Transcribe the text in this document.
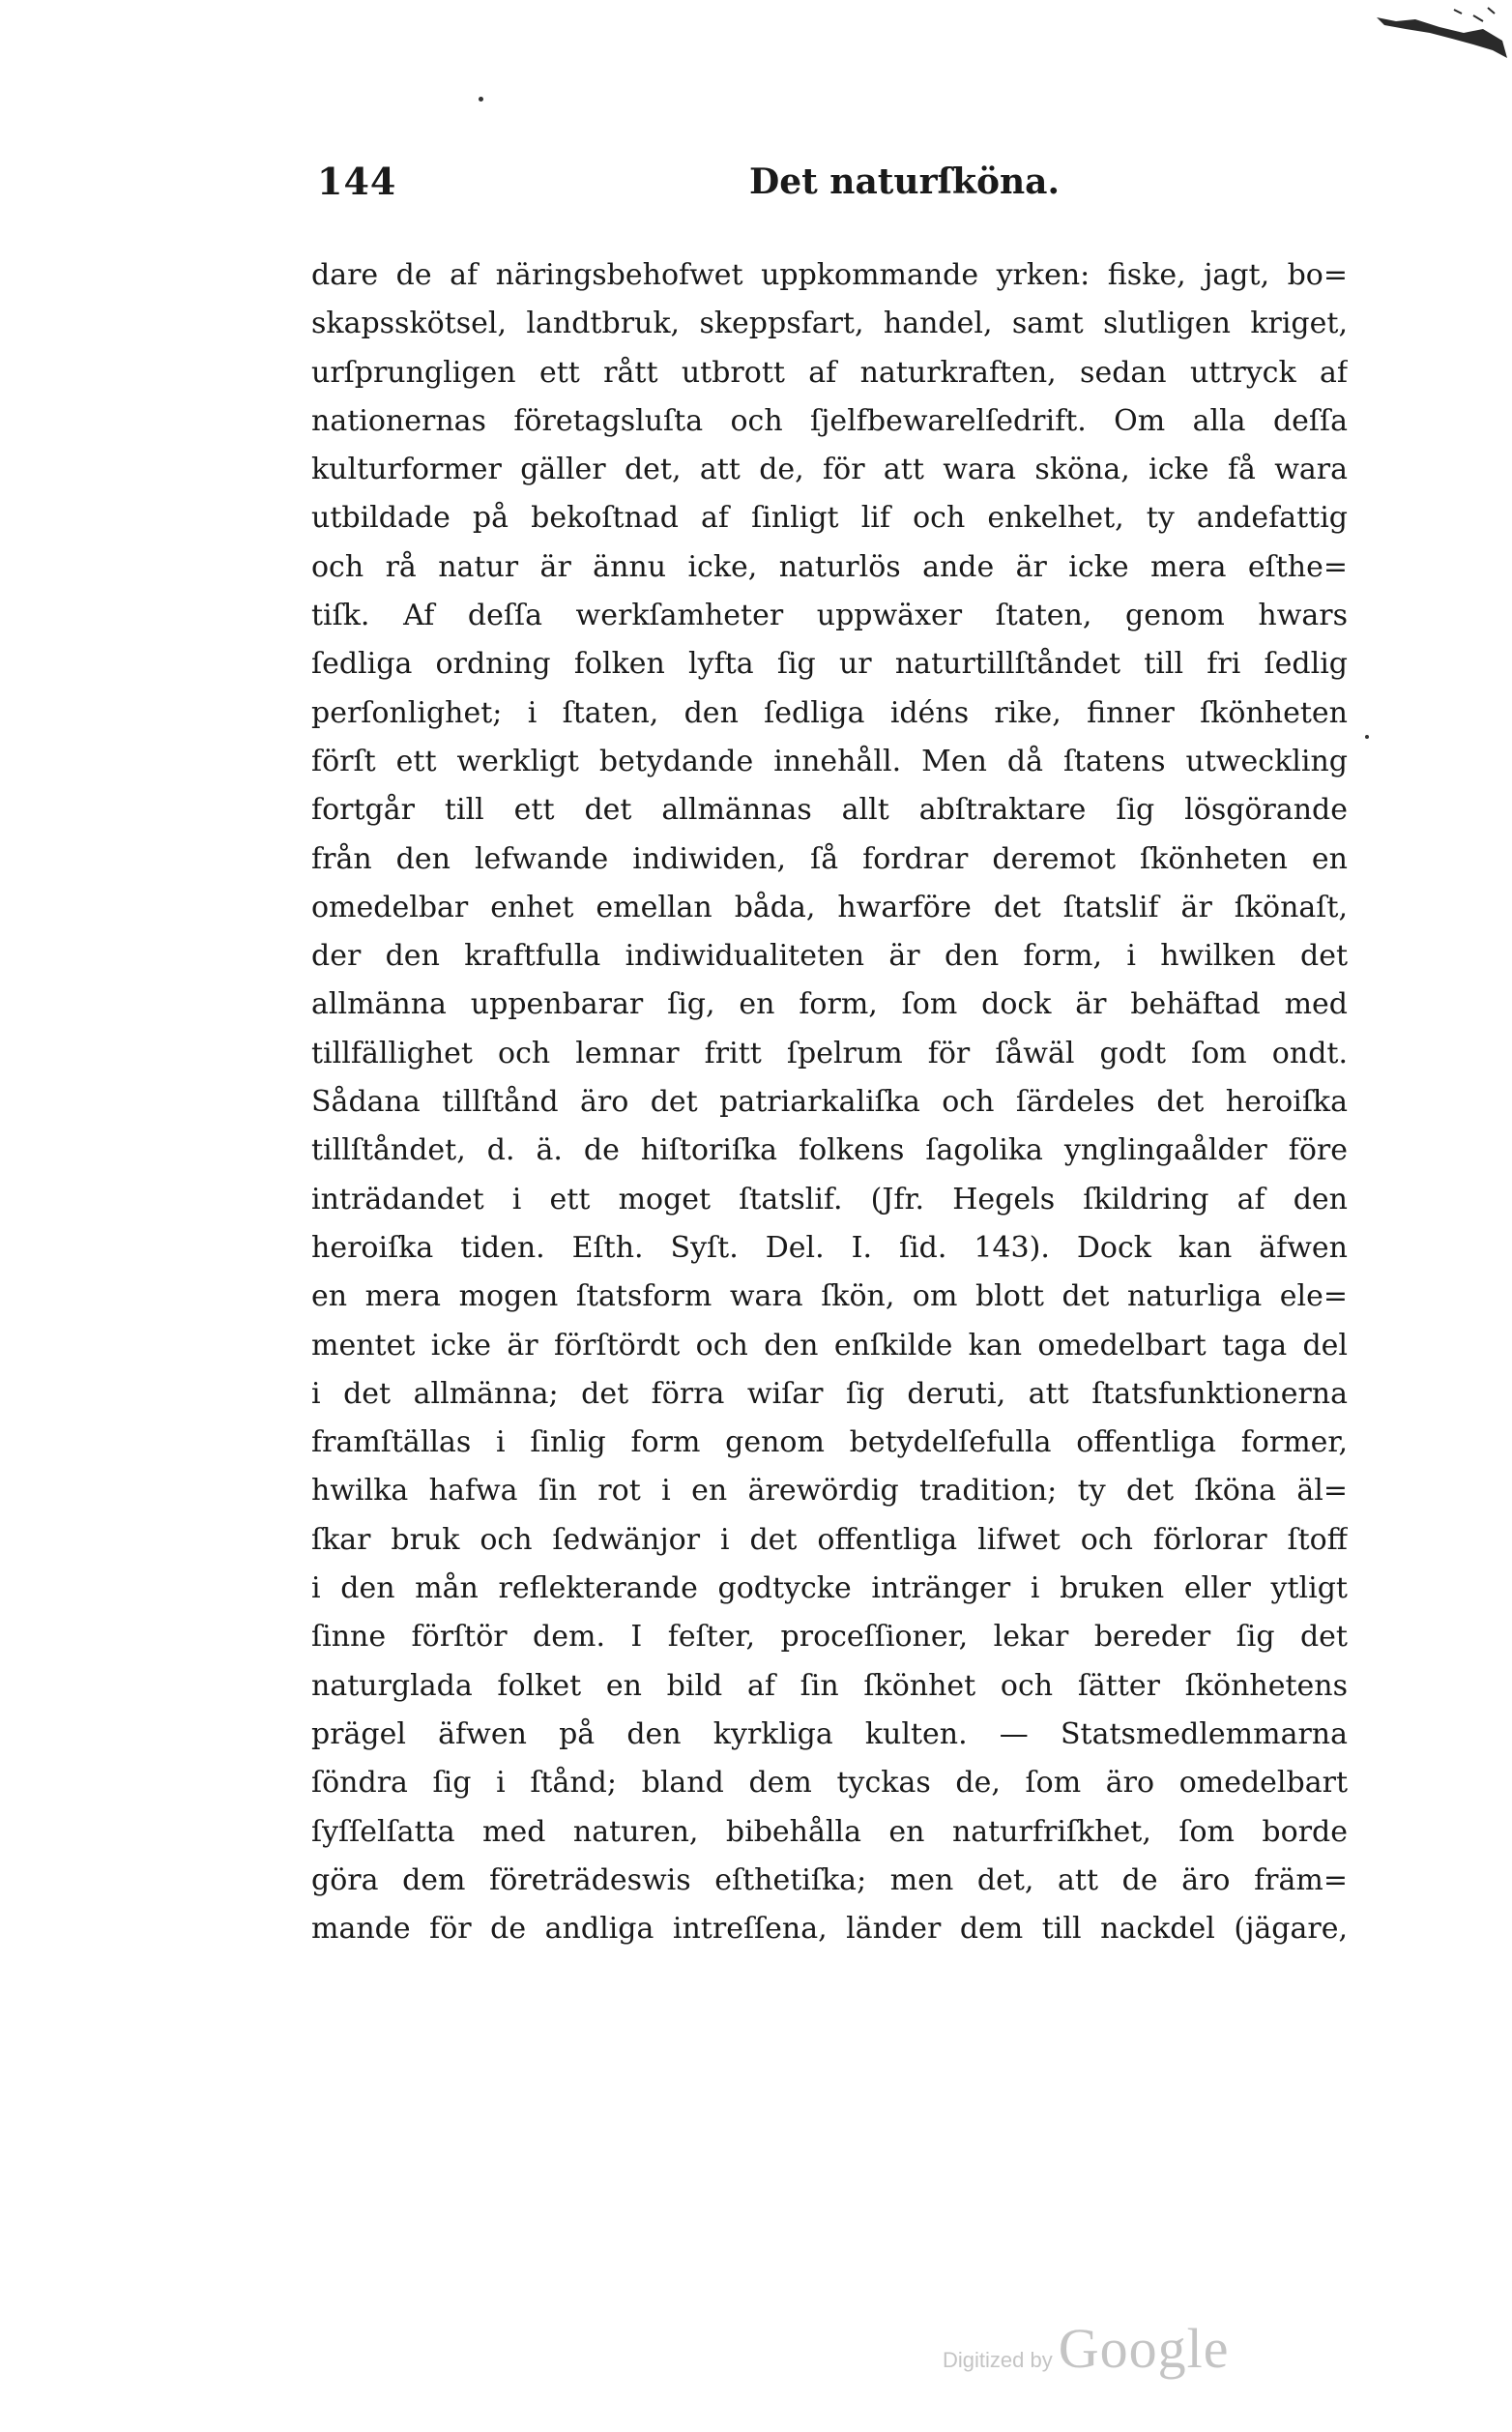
144	Det naturſköna.
dare de af näringsbehofwet uppkommande yrken: fiske, jagt, bo=
skapsskötsel, landtbruk, skeppsfart, handel, samt slutligen kriget,
urſprungligen ett rått utbrott af naturkraften, sedan uttryck af
nationernas företagsluſta och ſjelfbewarelſedrift. Om alla deſſa
kulturformer gäller det, att de, för att wara sköna, icke få wara
utbildade på bekoſtnad af ſinligt lif och enkelhet, ty andefattig
och rå natur är ännu icke, naturlös ande är icke mera eſthe=
tiſk. Af deſſa werkſamheter uppwäxer ſtaten, genom hwars
ſedliga ordning folken lyfta ſig ur naturtillſtåndet till fri ſedlig
perſonlighet; i ſtaten, den ſedliga idéns rike, finner ſkönheten
förſt ett werkligt betydande innehåll. Men då ſtatens utweckling
fortgår till ett det allmännas allt abſtraktare ſig lösgörande
från den lefwande indiwiden, ſå fordrar deremot ſkönheten en
omedelbar enhet emellan båda, hwarföre det ſtatslif är ſkönaſt,
der den kraftfulla indiwidualiteten är den form, i hwilken det
allmänna uppenbarar ſig, en form, ſom dock är behäftad med
tillfällighet och lemnar fritt ſpelrum för ſåwäl godt ſom ondt.
Sådana tillſtånd äro det patriarkaliſka och ſärdeles det heroiſka
tillſtåndet, d. ä. de hiſtoriſka folkens ſagolika ynglingaålder före
inträdandet i ett moget ſtatslif. (Jfr. Hegels ſkildring af den
heroiſka tiden. Eſth. Syſt. Del. I. ſid. 143). Dock kan äfwen
en mera mogen ſtatsform wara ſkön, om blott det naturliga ele=
mentet icke är förſtördt och den enſkilde kan omedelbart taga del
i det allmänna; det förra wiſar ſig deruti, att ſtatsfunktionerna
framſtällas i ſinlig form genom betydelſefulla offentliga former,
hwilka hafwa ſin rot i en ärewördig tradition; ty det ſköna äl=
ſkar bruk och ſedwänjor i det offentliga lifwet och förlorar ſtoff
i den mån reflekterande godtycke intränger i bruken eller ytligt
ſinne förſtör dem. I feſter, proceſſioner, lekar bereder ſig det
naturglada folket en bild af ſin ſkönhet och ſätter ſkönhetens
prägel äfwen på den kyrkliga kulten. — Statsmedlemmarna
ſöndra ſig i ſtånd; bland dem tyckas de, ſom äro omedelbart
ſyſſelſatta med naturen, bibehålla en naturfriſkhet, ſom borde
göra dem företrädeswis eſthetiſka; men det, att de äro främ=
mande för de andliga intreſſena, länder dem till nackdel (jägare,
Digitized by Google
